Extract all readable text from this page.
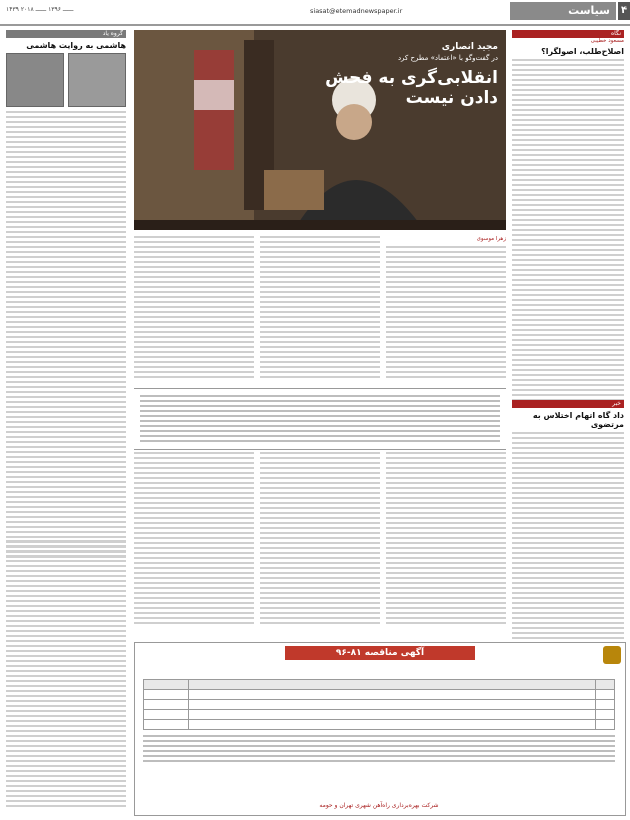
۱۴۳۹ ــــــ ۱۳۹۶ ــــــ ۲۰۱۸	siasat@etemadnewspaper.ir	سیاست	۴
گروه یاد
هاشمی به روایت هاشمی	مجید انصاری
در گفت‌وگو با «اعتماد» مطرح کرد
انقلابی‌گری به فحش دادن نیست
نگاه
مسعود خطیبی
اصلاح‌طلب، اصولگرا؟
خبر
داد گاه اتهام اختلاس به مرتضوی
زهرا موسوی
آگهی مناقصه ۸۱-۹۶

شرکت بهره‌برداری راه‌آهن شهری تهران و حومه
